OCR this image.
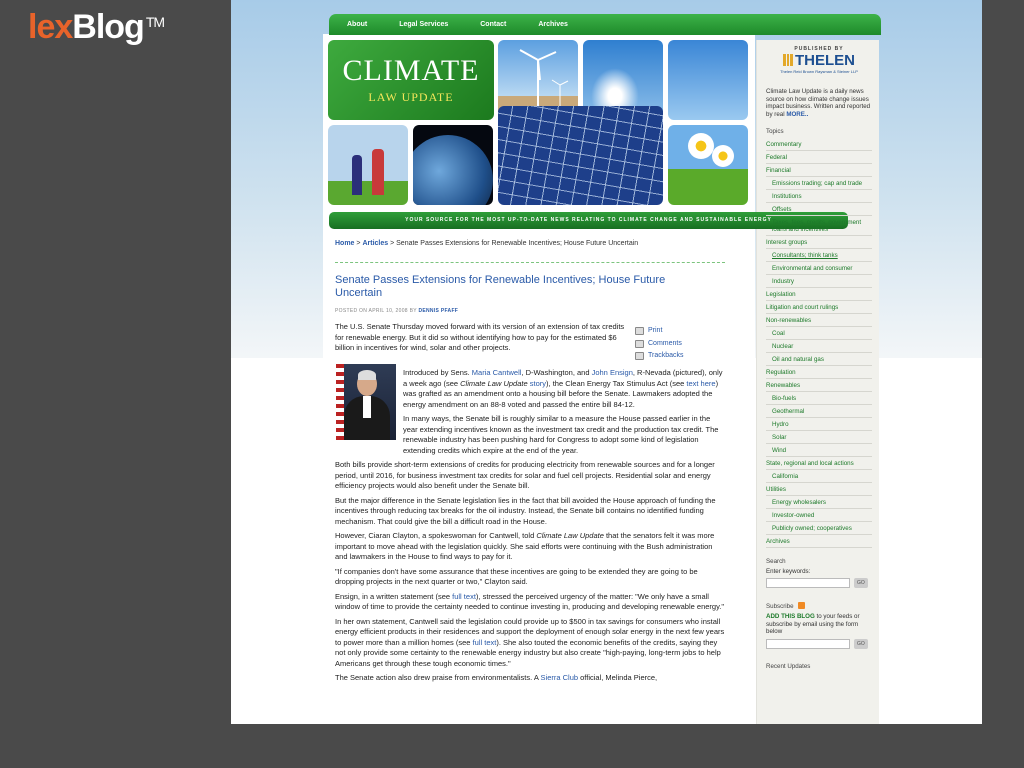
lexBlog ™	About	Legal Services	Contact	Archives
CLIMATE
LAW UPDATE
YOUR SOURCE FOR THE MOST UP-TO-DATE NEWS RELATING TO CLIMATE CHANGE AND SUSTAINABLE ENERGY
Home > Articles > Senate Passes Extensions for Renewable Incentives; House Future Uncertain
Senate Passes Extensions for Renewable Incentives; House Future Uncertain
POSTED ON APRIL 10, 2008 BY DENNIS PFAFF
Print
Comments
Trackbacks
The U.S. Senate Thursday moved forward with its version of an extension of tax credits for renewable energy. But it did so without identifying how to pay for the estimated $6 billion in incentives for wind, solar and other projects.

Introduced by Sens. Maria Cantwell, D-Washington, and John Ensign, R-Nevada (pictured), only a week ago (see Climate Law Update story), the Clean Energy Tax Stimulus Act (see text here) was grafted as an amendment onto a housing bill before the Senate. Lawmakers adopted the energy amendment on an 88-8 voted and passed the entire bill 84-12.

In many ways, the Senate bill is roughly similar to a measure the House passed earlier in the year extending incentives known as the investment tax credit and the production tax credit. The renewable industry has been pushing hard for Congress to adopt some kind of legislation extending credits which expire at the end of the year.

Both bills provide short-term extensions of credits for producing electricity from renewable sources and for a longer period, until 2016, for business investment tax credits for solar and fuel cell projects. Residential solar and energy efficiency projects would also benefit under the Senate bill.

But the major difference in the Senate legislation lies in the fact that bill avoided the House approach of funding the incentives through reducing tax breaks for the oil industry. Instead, the Senate bill contains no identified funding mechanism. That could give the bill a difficult road in the House.

However, Ciaran Clayton, a spokeswoman for Cantwell, told Climate Law Update that the senators felt it was more important to move ahead with the legislation quickly. She said efforts were continuing with the Bush administration and lawmakers in the House to find ways to pay for it.

"If companies don't have some assurance that these incentives are going to be extended they are going to be dropping projects in the next quarter or two," Clayton said.

Ensign, in a written statement (see full text), stressed the perceived urgency of the matter: "We only have a small window of time to provide the certainty needed to continue investing in, producing and developing renewable energy."

In her own statement, Cantwell said the legislation could provide up to $500 in tax savings for consumers who install energy efficient products in their residences and support the deployment of enough solar energy in the next few years to power more than a million homes (see full text). She also touted the economic benefits of the credits, saying they not only provide some certainty to the renewable energy industry but also create "high-paying, long-term jobs to help Americans get through these tough economic times."

The Senate action also drew praise from environmentalists. A Sierra Club official, Melinda Pierce,

PUBLISHED BY
THELEN
Thelen Reid Brown Raysman & Steiner LLP
Climate Law Update is a daily news source on how climate change issues impact business. Written and reported by real MORE..
Topics
Commentary
Federal
Financial
Emissions trading; cap and trade
Institutions
Offsets
Taxes, fees, credits, government loans and incentives
Interest groups
Consultants; think tanks
Environmental and consumer
Industry
Legislation
Litigation and court rulings
Non-renewables
Coal
Nuclear
Oil and natural gas
Regulation
Renewables
Bio-fuels
Geothermal
Hydro
Solar
Wind
State, regional and local actions
California
Utilities
Energy wholesalers
Investor-owned
Publicly owned; cooperatives
Archives
Search
Enter keywords:
GO
Subscribe
ADD THIS BLOG to your feeds or subscribe by email using the form below
GO
Recent Updates
